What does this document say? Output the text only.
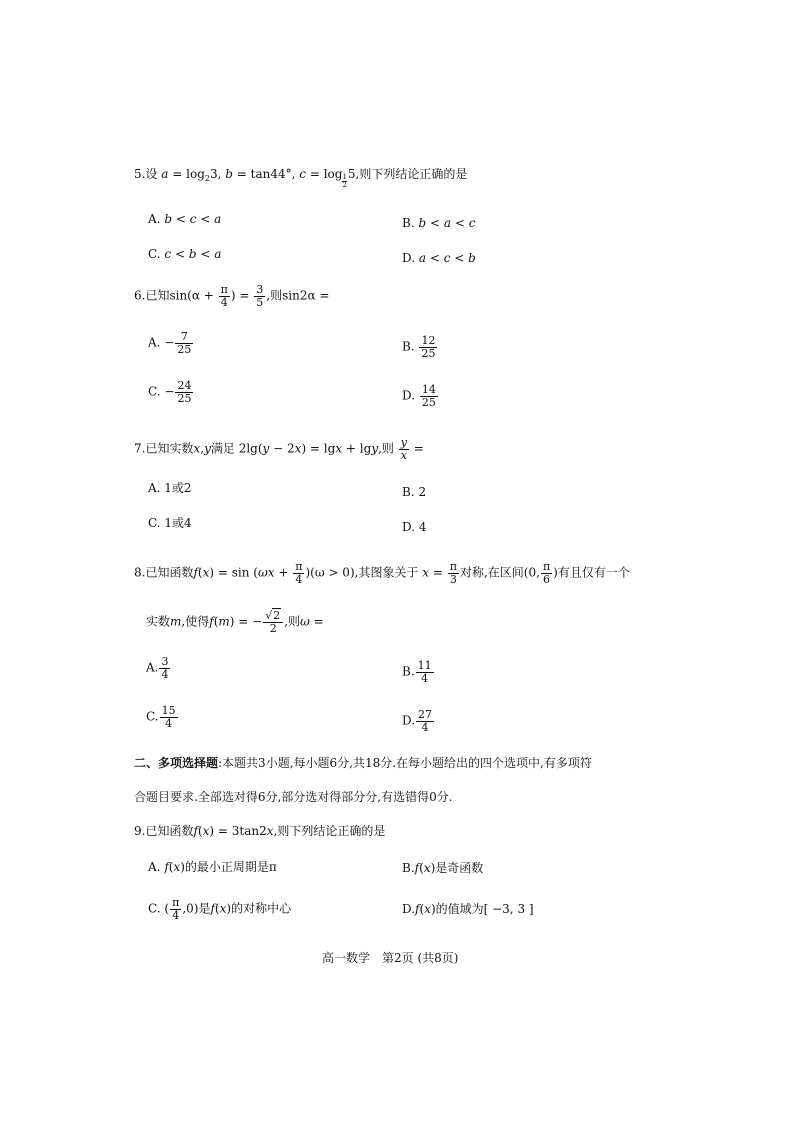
5.设 $a = \log_23$, b = tan44°, $c = \log \frac{1}{2} 5$,则下列结论正确的是
A. b < c < a	B. b < a < c
C. c < b < a	D. a < c < b
6.已知$\sin(\alpha + \frac{\pi}{4}$ ) = $\frac{3}{5}$ ,则sin2α =
A. − $\frac{7}{25}$	B. $\frac{12}{25}$
C. − $\frac{24}{25}$	D. $\frac{14}{25}$
7.已知实数x,y满足 2lg(y − 2x) = lgx + lgy,则 $\frac{y}{x}$ =
A. 1或2	B. 2
C. 1或4	D. 4
8.已知函数$f(x) = \sin (\omega x + \frac{\pi}{4} )(\omega > 0)$,其图象关于 $x = \frac{\pi}{3}$ 对称,在区间(0, $\frac{\pi}{6}$ )有且仅有一个
实数m,使得f(m) = − $\frac{√2}{2}$ ,则ω =
A. $\frac{3}{4}$	B. $\frac{11}{4}$
C. $\frac{15}{4}$	D. $\frac{27}{4}$
二、多项选择题:本题共3小题,每小题6分,共18分.在每小题给出的四个选项中,有多项符
合题目要求.全部选对得6分,部分选对得部分分,有选错得0分.
9.已知函数f(x) = 3tan2x,则下列结论正确的是
A. f(x)的最小正周期是π	B.f(x)是奇函数
C. ( $\frac{\pi}{4} ,0$)是f(x)的对称中心	D.f(x)的值域为[ −3, 3 ]
高一数学　第2页 (共8页)
